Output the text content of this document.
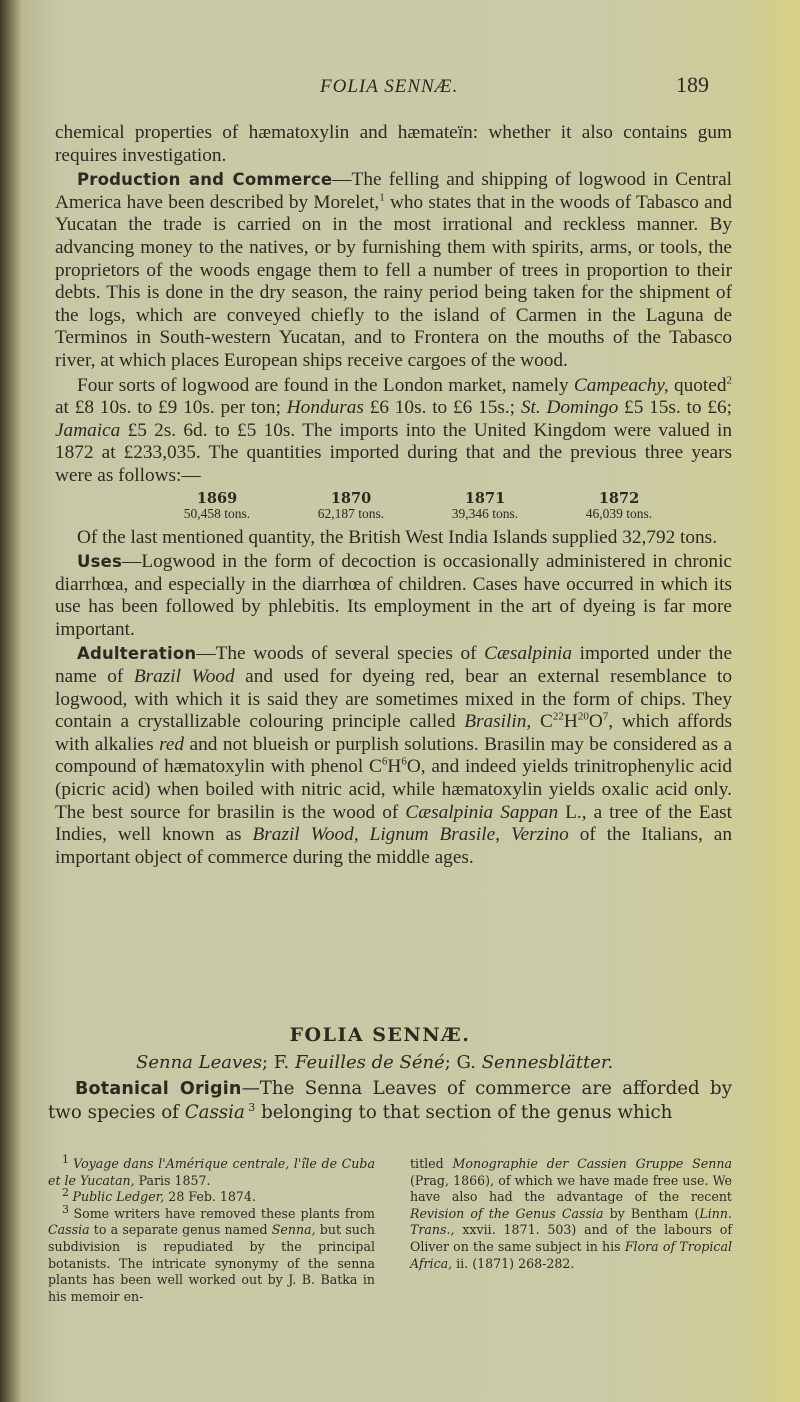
FOLIA SENNÆ.	189

chemical properties of hæmatoxylin and hæmateïn: whether it also contains gum requires investigation.

Production and Commerce—The felling and shipping of logwood in Central America have been described by Morelet,$^1$ who states that in the woods of Tabasco and Yucatan the trade is carried on in the most irrational and reckless manner. By advancing money to the natives, or by furnishing them with spirits, arms, or tools, the proprietors of the woods engage them to fell a number of trees in proportion to their debts. This is done in the dry season, the rainy period being taken for the shipment of the logs, which are conveyed chiefly to the island of Carmen in the Laguna de Terminos in South-western Yucatan, and to Frontera on the mouths of the Tabasco river, at which places European ships receive cargoes of the wood.

Four sorts of logwood are found in the London market, namely Campeachy, quoted$^2$ at £8 10s. to £9 10s. per ton; Honduras £6 10s. to £6 15s.; St. Domingo £5 15s. to £6; Jamaica £5 2s. 6d. to £5 10s. The imports into the United Kingdom were valued in 1872 at £233,035. The quantities imported during that and the previous three years were as follows:—

1869	1870	1871	1872
50,458 tons.	62,187 tons.	39,346 tons.	46,039 tons.

Of the last mentioned quantity, the British West India Islands supplied 32,792 tons.

Uses—Logwood in the form of decoction is occasionally administered in chronic diarrhœa, and especially in the diarrhœa of children. Cases have occurred in which its use has been followed by phlebitis. Its employment in the art of dyeing is far more important.

Adulteration—The woods of several species of Cæsalpinia imported under the name of Brazil Wood and used for dyeing red, bear an external resemblance to logwood, with which it is said they are sometimes mixed in the form of chips. They contain a crystallizable colouring principle called Brasilin, $C^{22}H^{20}O^7$, which affords with alkalies red and not blueish or purplish solutions. Brasilin may be considered as a compound of hæmatoxylin with phenol $C^6H^6O$, and indeed yields trinitrophenylic acid (picric acid) when boiled with nitric acid, while hæmatoxylin yields oxalic acid only. The best source for brasilin is the wood of Cæsalpinia Sappan L., a tree of the East Indies, well known as Brazil Wood, Lignum Brasile, Verzino of the Italians, an important object of commerce during the middle ages.

FOLIA SENNÆ.
Senna Leaves; F. Feuilles de Séné; G. Sennesblätter.

Botanical Origin—The Senna Leaves of commerce are afforded by two species of Cassia $^3$ belonging to that section of the genus which

$^1$ Voyage dans l'Amérique centrale, l'île de Cuba et le Yucatan, Paris 1857.

$^2$ Public Ledger, 28 Feb. 1874.

$^3$ Some writers have removed these plants from Cassia to a separate genus named Senna, but such subdivision is repudiated by the principal botanists. The intricate synonymy of the senna plants has been well worked out by J. B. Batka in his memoir en-

titled Monographie der Cassien Gruppe Senna (Prag, 1866), of which we have made free use. We have also had the advantage of the recent Revision of the Genus Cassia by Bentham (Linn. Trans., xxvii. 1871. 503) and of the labours of Oliver on the same subject in his Flora of Tropical Africa, ii. (1871) 268-282.
